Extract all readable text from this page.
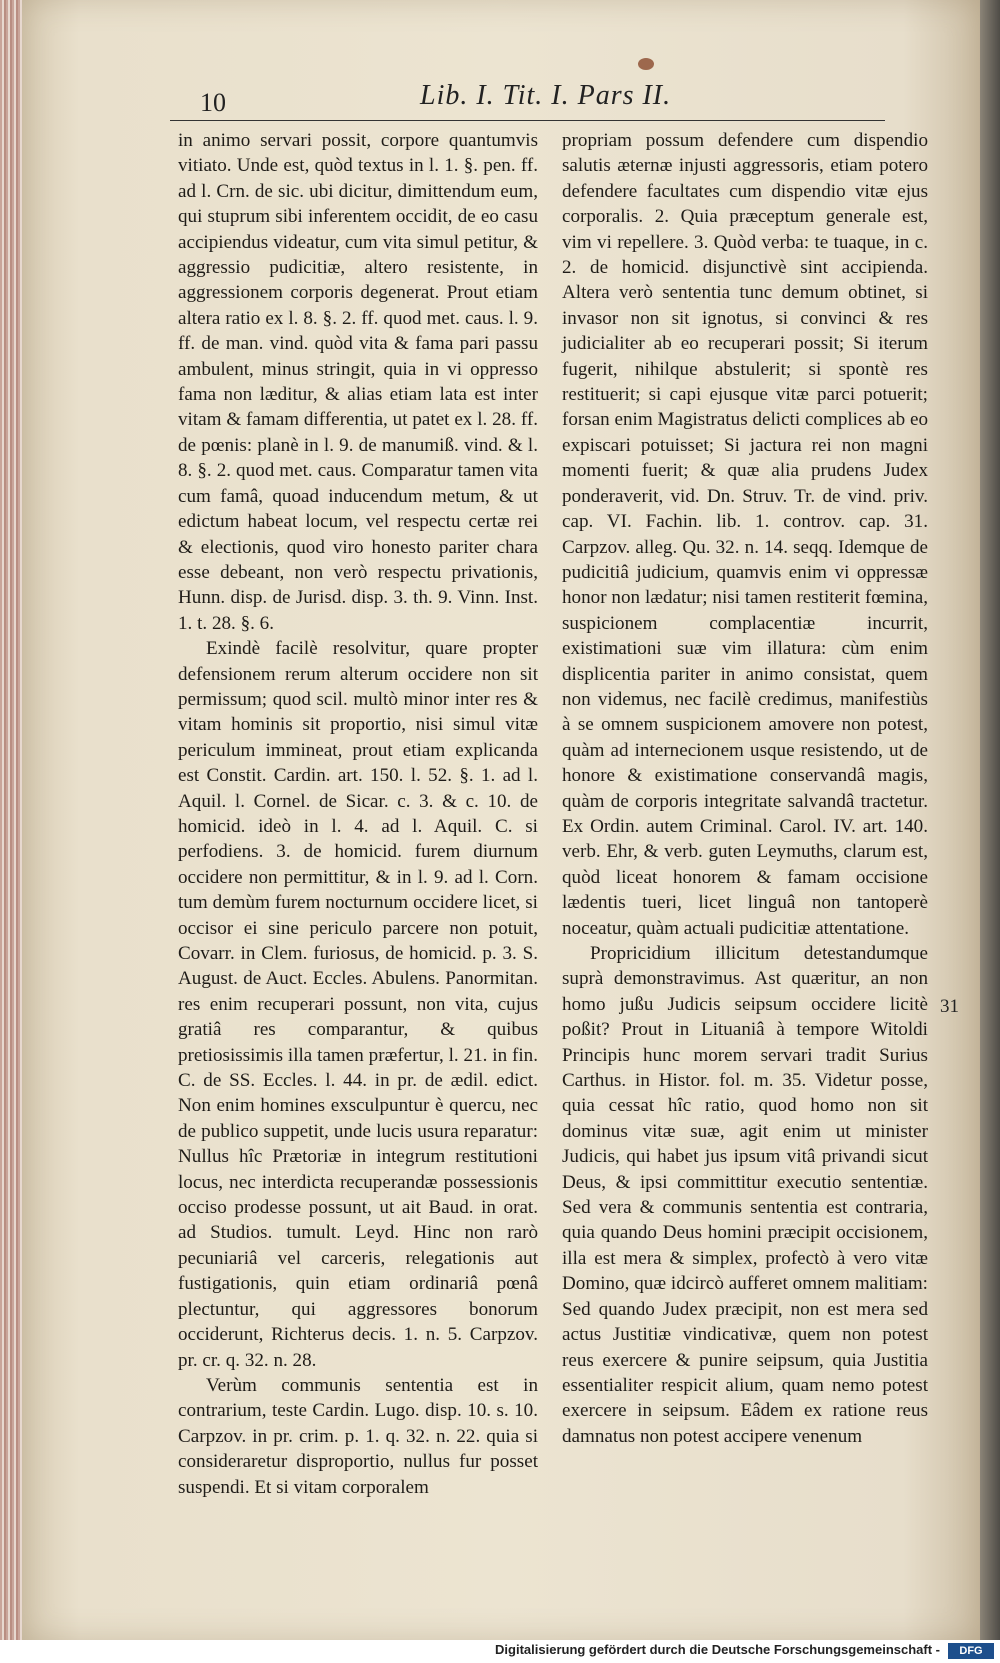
10	Lib. I. Tit. I. Pars II.

in animo servari possit, corpore quantumvis vitiato. Unde est, quòd textus in l. 1. §. pen. ff. ad l. Crn. de sic. ubi dicitur, dimittendum eum, qui stuprum sibi inferentem occidit, de eo casu accipiendus videatur, cum vita simul petitur, & aggressio pudicitiæ, altero resistente, in aggressionem corporis degenerat. Prout etiam altera ratio ex l. 8. §. 2. ff. quod met. caus. l. 9. ff. de man. vind. quòd vita & fama pari passu ambulent, minus stringit, quia in vi oppresso fama non læditur, & alias etiam lata est inter vitam & famam differentia, ut patet ex l. 28. ff. de pœnis: planè in l. 9. de manumiß. vind. & l. 8. §. 2. quod met. caus. Comparatur tamen vita cum famâ, quoad inducendum metum, & ut edictum habeat locum, vel respectu certæ rei & electionis, quod viro honesto pariter chara esse debeant, non verò respectu privationis, Hunn. disp. de Jurisd. disp. 3. th. 9. Vinn. Inst. 1. t. 28. §. 6.

Exindè facilè resolvitur, quare propter defensionem rerum alterum occidere non sit permissum; quod scil. multò minor inter res & vitam hominis sit proportio, nisi simul vitæ periculum immineat, prout etiam explicanda est Constit. Cardin. art. 150. l. 52. §. 1. ad l. Aquil. l. Cornel. de Sicar. c. 3. & c. 10. de homicid. ideò in l. 4. ad l. Aquil. C. si perfodiens. 3. de homicid. furem diurnum occidere non permittitur, & in l. 9. ad l. Corn. tum demùm furem nocturnum occidere licet, si occisor ei sine periculo parcere non potuit, Covarr. in Clem. furiosus, de homicid. p. 3. S. August. de Auct. Eccles. Abulens. Panormitan. res enim recuperari possunt, non vita, cujus gratiâ res comparantur, & quibus pretiosissimis illa tamen præfertur, l. 21. in fin. C. de SS. Eccles. l. 44. in pr. de ædil. edict. Non enim homines exsculpuntur è quercu, nec de publico suppetit, unde lucis usura reparatur: Nullus hîc Prætoriæ in integrum restitutioni locus, nec interdicta recuperandæ possessionis occiso prodesse possunt, ut ait Baud. in orat. ad Studios. tumult. Leyd. Hinc non rarò pecuniariâ vel carceris, relegationis aut fustigationis, quin etiam ordinariâ pœnâ plectuntur, qui aggressores bonorum occiderunt, Richterus decis. 1. n. 5. Carpzov. pr. cr. q. 32. n. 28.

Verùm communis sententia est in contrarium, teste Cardin. Lugo. disp. 10. s. 10. Carpzov. in pr. crim. p. 1. q. 32. n. 22. quia si consideraretur disproportio, nullus fur posset suspendi. Et si vitam corporalem

propriam possum defendere cum dispendio salutis æternæ injusti aggressoris, etiam potero defendere facultates cum dispendio vitæ ejus corporalis. 2. Quia præceptum generale est, vim vi repellere. 3. Quòd verba: te tuaque, in c. 2. de homicid. disjunctivè sint accipienda. Altera verò sententia tunc demum obtinet, si invasor non sit ignotus, si convinci & res judicialiter ab eo recuperari possit; Si iterum fugerit, nihilque abstulerit; si spontè res restituerit; si capi ejusque vitæ parci potuerit; forsan enim Magistratus delicti complices ab eo expiscari potuisset; Si jactura rei non magni momenti fuerit; & quæ alia prudens Judex ponderaverit, vid. Dn. Struv. Tr. de vind. priv. cap. VI. Fachin. lib. 1. controv. cap. 31. Carpzov. alleg. Qu. 32. n. 14. seqq. Idemque de pudicitiâ judicium, quamvis enim vi oppressæ honor non lædatur; nisi tamen restiterit fœmina, suspicionem complacentiæ incurrit, existimationi suæ vim illatura: cùm enim displicentia pariter in animo consistat, quem non videmus, nec facilè credimus, manifestiùs à se omnem suspicionem amovere non potest, quàm ad internecionem usque resistendo, ut de honore & existimatione conservandâ magis, quàm de corporis integritate salvandâ tractetur. Ex Ordin. autem Criminal. Carol. IV. art. 140. verb. Ehr, & verb. guten Leymuths, clarum est, quòd liceat honorem & famam occisione lædentis tueri, licet linguâ non tantoperè noceatur, quàm actuali pudicitiæ attentatione.

Propricidium illicitum detestandumque suprà demonstravimus. Ast quæritur, an non homo jußu Judicis seipsum occidere licitè poßit? Prout in Lituaniâ à tempore Witoldi Principis hunc morem servari tradit Surius Carthus. in Histor. fol. m. 35. Videtur posse, quia cessat hîc ratio, quod homo non sit dominus vitæ suæ, agit enim ut minister Judicis, qui habet jus ipsum vitâ privandi sicut Deus, & ipsi committitur executio sententiæ. Sed vera & communis sententia est contraria, quia quando Deus homini præcipit occisionem, illa est mera & simplex, profectò à vero vitæ Domino, quæ idcircò aufferet omnem malitiam: Sed quando Judex præcipit, non est mera sed actus Justitiæ vindicativæ, quem non potest reus exercere & punire seipsum, quia Justitia essentialiter respicit alium, quam nemo potest exercere in seipsum. Eâdem ex ratione reus damnatus non potest accipere venenum

31
Digitalisierung gefördert durch die Deutsche Forschungsgemeinschaft -	DFG
